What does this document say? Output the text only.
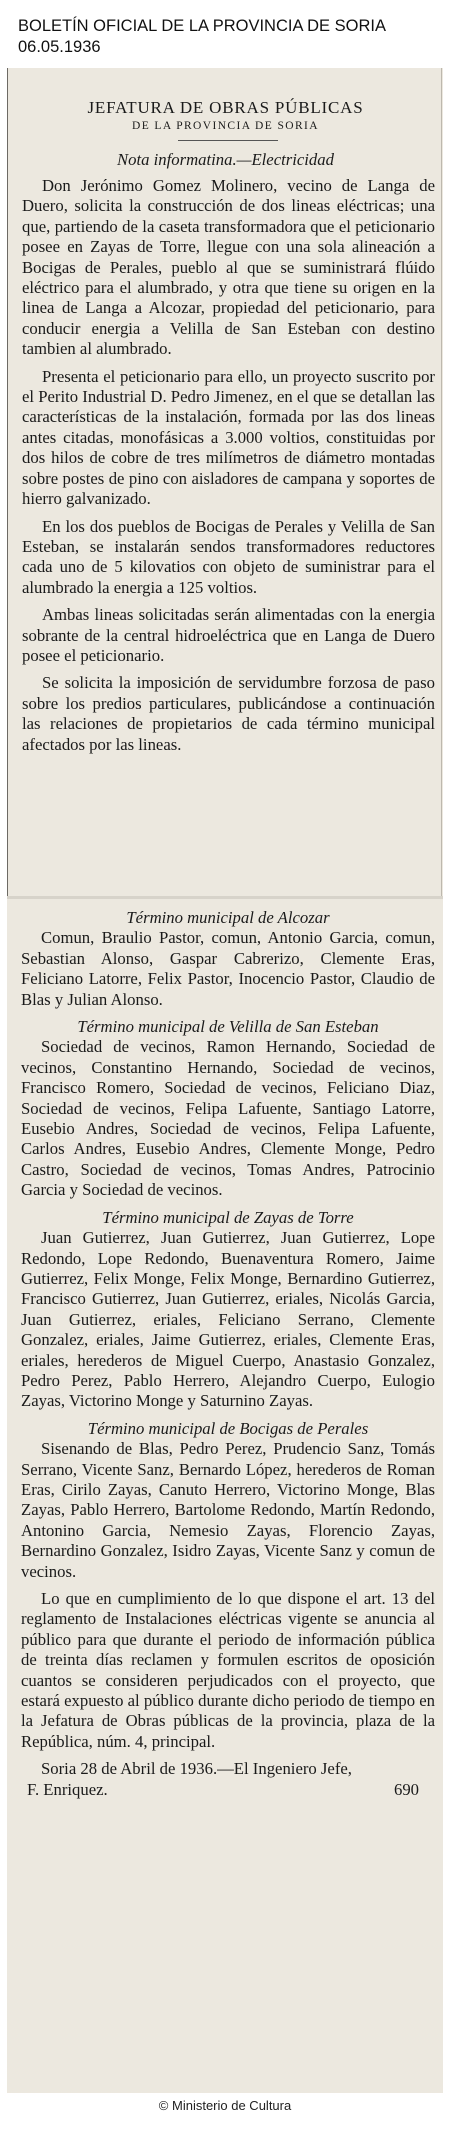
BOLETÍN OFICIAL DE LA PROVINCIA DE SORIA
06.05.1936
JEFATURA DE OBRAS PÚBLICAS
DE LA PROVINCIA DE SORIA
Nota informatina.—Electricidad

Don Jerónimo Gomez Molinero, vecino de Langa de Duero, solicita la construcción de dos lineas eléctricas; una que, partiendo de la caseta transformadora que el peticionario posee en Zayas de Torre, llegue con una sola alineación a Bocigas de Perales, pueblo al que se suministrará flúido eléctrico para el alumbrado, y otra que tiene su origen en la linea de Langa a Alcozar, propiedad del peticionario, para conducir energia a Velilla de San Esteban con destino tambien al alumbrado.

Presenta el peticionario para ello, un proyecto suscrito por el Perito Industrial D. Pedro Jimenez, en el que se detallan las características de la instalación, formada por las dos lineas antes citadas, monofásicas a 3.000 voltios, constituidas por dos hilos de cobre de tres milímetros de diámetro montadas sobre postes de pino con aisladores de campana y soportes de hierro galvanizado.

En los dos pueblos de Bocigas de Perales y Velilla de San Esteban, se instalarán sendos transformadores reductores cada uno de 5 kilovatios con objeto de suministrar para el alumbrado la energia a 125 voltios.

Ambas lineas solicitadas serán alimentadas con la energia sobrante de la central hidroeléctrica que en Langa de Duero posee el peticionario.

Se solicita la imposición de servidumbre forzosa de paso sobre los predios particulares, publicándose a continuación las relaciones de propietarios de cada término municipal afectados por las lineas.

Término municipal de Alcozar

Comun, Braulio Pastor, comun, Antonio Garcia, comun, Sebastian Alonso, Gaspar Cabrerizo, Clemente Eras, Feliciano Latorre, Felix Pastor, Inocencio Pastor, Claudio de Blas y Julian Alonso.

Término municipal de Velilla de San Esteban

Sociedad de vecinos, Ramon Hernando, Sociedad de vecinos, Constantino Hernando, Sociedad de vecinos, Francisco Romero, Sociedad de vecinos, Feliciano Diaz, Sociedad de vecinos, Felipa Lafuente, Santiago Latorre, Eusebio Andres, Sociedad de vecinos, Felipa Lafuente, Carlos Andres, Eusebio Andres, Clemente Monge, Pedro Castro, Sociedad de vecinos, Tomas Andres, Patrocinio Garcia y Sociedad de vecinos.

Término municipal de Zayas de Torre

Juan Gutierrez, Juan Gutierrez, Juan Gutierrez, Lope Redondo, Lope Redondo, Buenaventura Romero, Jaime Gutierrez, Felix Monge, Felix Monge, Bernardino Gutierrez, Francisco Gutierrez, Juan Gutierrez, eriales, Nicolás Garcia, Juan Gutierrez, eriales, Feliciano Serrano, Clemente Gonzalez, eriales, Jaime Gutierrez, eriales, Clemente Eras, eriales, herederos de Miguel Cuerpo, Anastasio Gonzalez, Pedro Perez, Pablo Herrero, Alejandro Cuerpo, Eulogio Zayas, Victorino Monge y Saturnino Zayas.

Término municipal de Bocigas de Perales

Sisenando de Blas, Pedro Perez, Prudencio Sanz, Tomás Serrano, Vicente Sanz, Bernardo López, herederos de Roman Eras, Cirilo Zayas, Canuto Herrero, Victorino Monge, Blas Zayas, Pablo Herrero, Bartolome Redondo, Martín Redondo, Antonino Garcia, Nemesio Zayas, Florencio Zayas, Bernardino Gonzalez, Isidro Zayas, Vicente Sanz y comun de vecinos.

Lo que en cumplimiento de lo que dispone el art. 13 del reglamento de Instalaciones eléctricas vigente se anuncia al público para que durante el periodo de información pública de treinta días reclamen y formulen escritos de oposición cuantos se consideren perjudicados con el proyecto, que estará expuesto al público durante dicho periodo de tiempo en la Jefatura de Obras públicas de la provincia, plaza de la República, núm. 4, principal.

Soria 28 de Abril de 1936.—El Ingeniero Jefe,

F. Enriquez.	690

© Ministerio de Cultura
